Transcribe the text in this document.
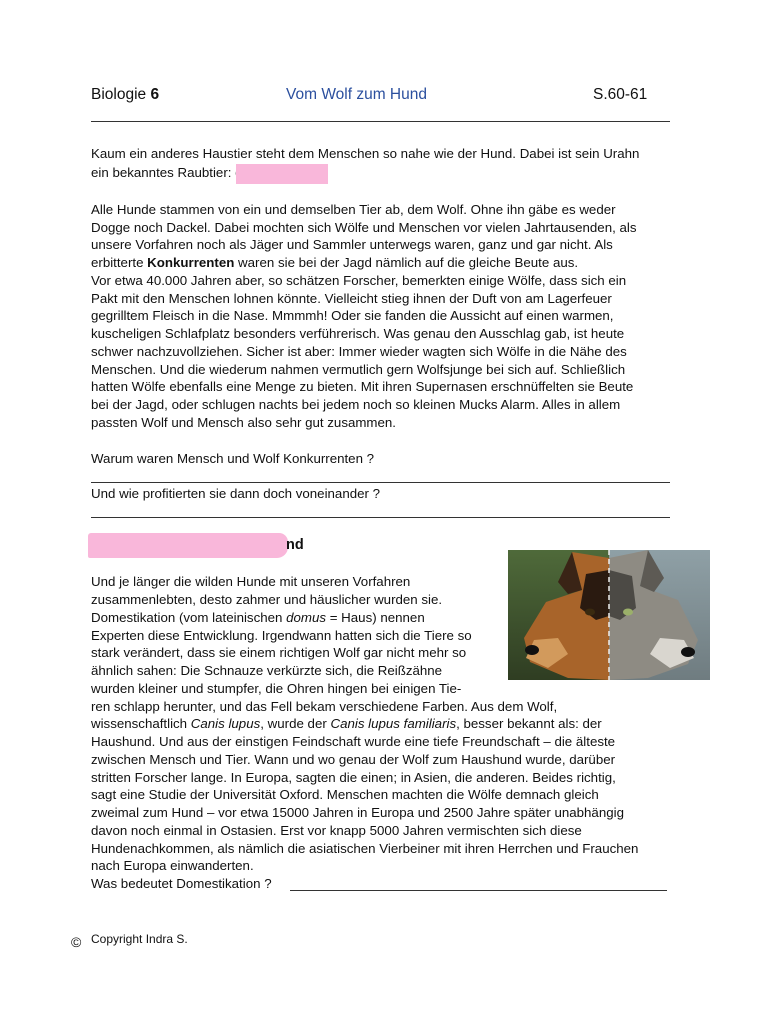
Biologie 6	Vom Wolf zum Hund	S.60-61
Kaum ein anderes Haustier steht dem Menschen so nahe wie der Hund. Dabei ist sein Urahn
ein bekanntes Raubtier:
Alle Hunde stammen von ein und demselben Tier ab, dem Wolf. Ohne ihn gäbe es weder
Dogge noch Dackel. Dabei mochten sich Wölfe und Menschen vor vielen Jahrtausenden, als
unsere Vorfahren noch als Jäger und Sammler unterwegs waren, ganz und gar nicht. Als
erbitterte Konkurrenten waren sie bei der Jagd nämlich auf die gleiche Beute aus.
Vor etwa 40.000 Jahren aber, so schätzen Forscher, bemerkten einige Wölfe, dass sich ein
Pakt mit den Menschen lohnen könnte. Vielleicht stieg ihnen der Duft von am Lagerfeuer
gegrilltem Fleisch in die Nase. Mmmmh! Oder sie fanden die Aussicht auf einen warmen,
kuscheligen Schlafplatz besonders verführerisch. Was genau den Ausschlag gab, ist heute
schwer nachzuvollziehen. Sicher ist aber: Immer wieder wagten sich Wölfe in die Nähe des
Menschen. Und die wiederum nahmen vermutlich gern Wolfsjunge bei sich auf. Schließlich
hatten Wölfe ebenfalls eine Menge zu bieten. Mit ihren Supernasen erschnüffelten sie Beute
bei der Jagd, oder schlugen nachts bei jedem noch so kleinen Mucks Alarm. Alles in allem
passten Wolf und Mensch also sehr gut zusammen.
Warum waren Mensch und Wolf Konkurrenten ?
Und wie profitierten sie dann doch voneinander ?
nd
Und je länger die wilden Hunde mit unseren Vorfahren
zusammenlebten, desto zahmer und häuslicher wurden sie.
Domestikation (vom lateinischen domus = Haus) nennen
Experten diese Entwicklung. Irgendwann hatten sich die Tiere so
stark verändert, dass sie einem richtigen Wolf gar nicht mehr so
ähnlich sahen: Die Schnauze verkürzte sich, die Reißzähne
wurden kleiner und stumpfer, die Ohren hingen bei einigen Tie-
ren schlapp herunter, und das Fell bekam verschiedene Farben. Aus dem Wolf,
wissenschaftlich Canis lupus, wurde der Canis lupus familiaris, besser bekannt als: der
Haushund. Und aus der einstigen Feindschaft wurde eine tiefe Freundschaft – die älteste
zwischen Mensch und Tier. Wann und wo genau der Wolf zum Haushund wurde, darüber
stritten Forscher lange. In Europa, sagten die einen; in Asien, die anderen. Beides richtig,
sagt eine Studie der Universität Oxford. Menschen machten die Wölfe demnach gleich
zweimal zum Hund – vor etwa 15000 Jahren in Europa und 2500 Jahre später unabhängig
davon noch einmal in Ostasien. Erst vor knapp 5000 Jahren vermischten sich diese
Hundenachkommen, als nämlich die asiatischen Vierbeiner mit ihren Herrchen und Frauchen
nach Europa einwanderten.
Was bedeutet Domestikation ?
© Copyright Indra S.
